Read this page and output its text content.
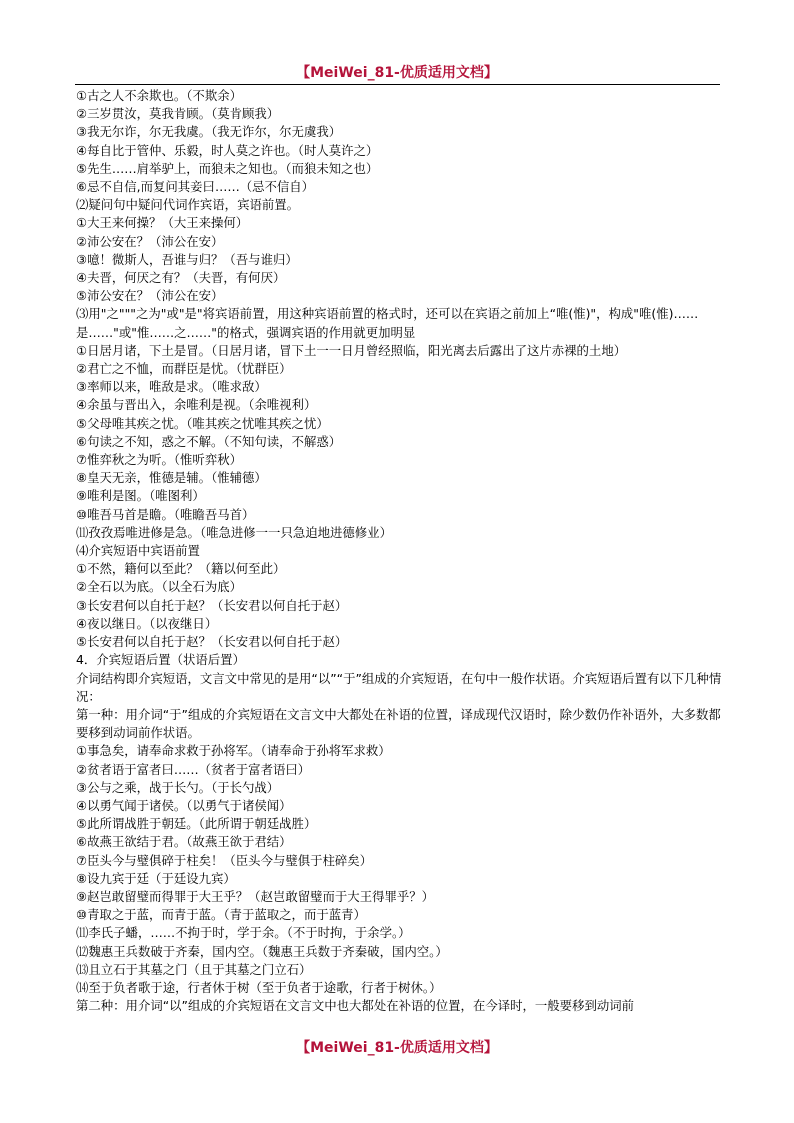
【MeiWei_81-优质适用文档】
①古之人不余欺也。（不欺余）
②三岁贯汝，莫我肯顾。（莫肯顾我）
③我无尔诈，尔无我虞。（我无诈尔，尔无虞我）
④每自比于管仲、乐毅，时人莫之许也。（时人莫许之）
⑤先生……肩举驴上，而狼未之知也。（而狼未知之也）
⑥忌不自信,而复问其妾曰……（忌不信自）
⑵疑问句中疑问代词作宾语，宾语前置。
①大王来何操？（大王来操何）
②沛公安在？（沛公在安）
③噫！微斯人，吾谁与归？（吾与谁归）
④夫晋，何厌之有？（夫晋，有何厌）
⑤沛公安在？（沛公在安）
⑶用"之"""之为"或"是"将宾语前置，用这种宾语前置的格式时，还可以在宾语之前加上“唯(惟)"，构成"唯(惟)……是……"或"惟……之……"的格式，强调宾语的作用就更加明显
①日居月诸，下土是冒。（日居月诸，冒下土一一日月曾经照临，阳光离去后露出了这片赤裸的土地）
②君亡之不恤，而群臣是忧。（忧群臣）
③率师以来，唯敌是求。（唯求敌）
④余虽与晋出入，余唯利是视。（余唯视利）
⑤父母唯其疾之忧。（唯其疾之忧唯其疾之忧）
⑥句读之不知，惑之不解。（不知句读，不解惑）
⑦惟弈秋之为听。（惟听弈秋）
⑧皇天无亲，惟德是辅。（惟辅德）
⑨唯利是图。（唯图利）
⑩唯吾马首是瞻。（唯瞻吾马首）
⑾孜孜焉唯进修是急。（唯急进修一一只急迫地进德修业）
⑷介宾短语中宾语前置
①不然，籍何以至此？（籍以何至此）
②全石以为底。（以全石为底）
③长安君何以自托于赵？（长安君以何自托于赵）
④夜以继日。（以夜继日）
⑤长安君何以自托于赵？（长安君以何自托于赵）
4．介宾短语后置（状语后置）
介词结构即介宾短语，文言文中常见的是用“以”“于”组成的介宾短语，在句中一般作状语。介宾短语后置有以下几种情况：
第一种：用介词“于”组成的介宾短语在文言文中大都处在补语的位置，译成现代汉语时，除少数仍作补语外，大多数都要移到动词前作状语。
①事急矣，请奉命求救于孙将军。（请奉命于孙将军求救）
②贫者语于富者曰……（贫者于富者语曰）
③公与之乘，战于长勺。（于长勺战）
④以勇气闻于诸侯。（以勇气于诸侯闻）
⑤此所谓战胜于朝廷。（此所谓于朝廷战胜）
⑥故燕王欲结于君。（故燕王欲于君结）
⑦臣头今与璧俱碎于柱矣！（臣头今与璧俱于柱碎矣）
⑧设九宾于廷（于廷设九宾）
⑨赵岂敢留璧而得罪于大王乎？（赵岂敢留璧而于大王得罪乎？）
⑩青取之于蓝，而青于蓝。（青于蓝取之，而于蓝青）
⑾李氏子蟠，……不拘于时，学于余。（不于时拘，于余学。）
⑿魏惠王兵数破于齐秦，国内空。（魏惠王兵数于齐秦破，国内空。）
⒀且立石于其墓之门（且于其墓之门立石）
⒁至于负者歌于途，行者休于树（至于负者于途歌，行者于树休。）
第二种：用介词“以”组成的介宾短语在文言文中也大都处在补语的位置，在今译时，一般要移到动词前
【MeiWei_81-优质适用文档】
